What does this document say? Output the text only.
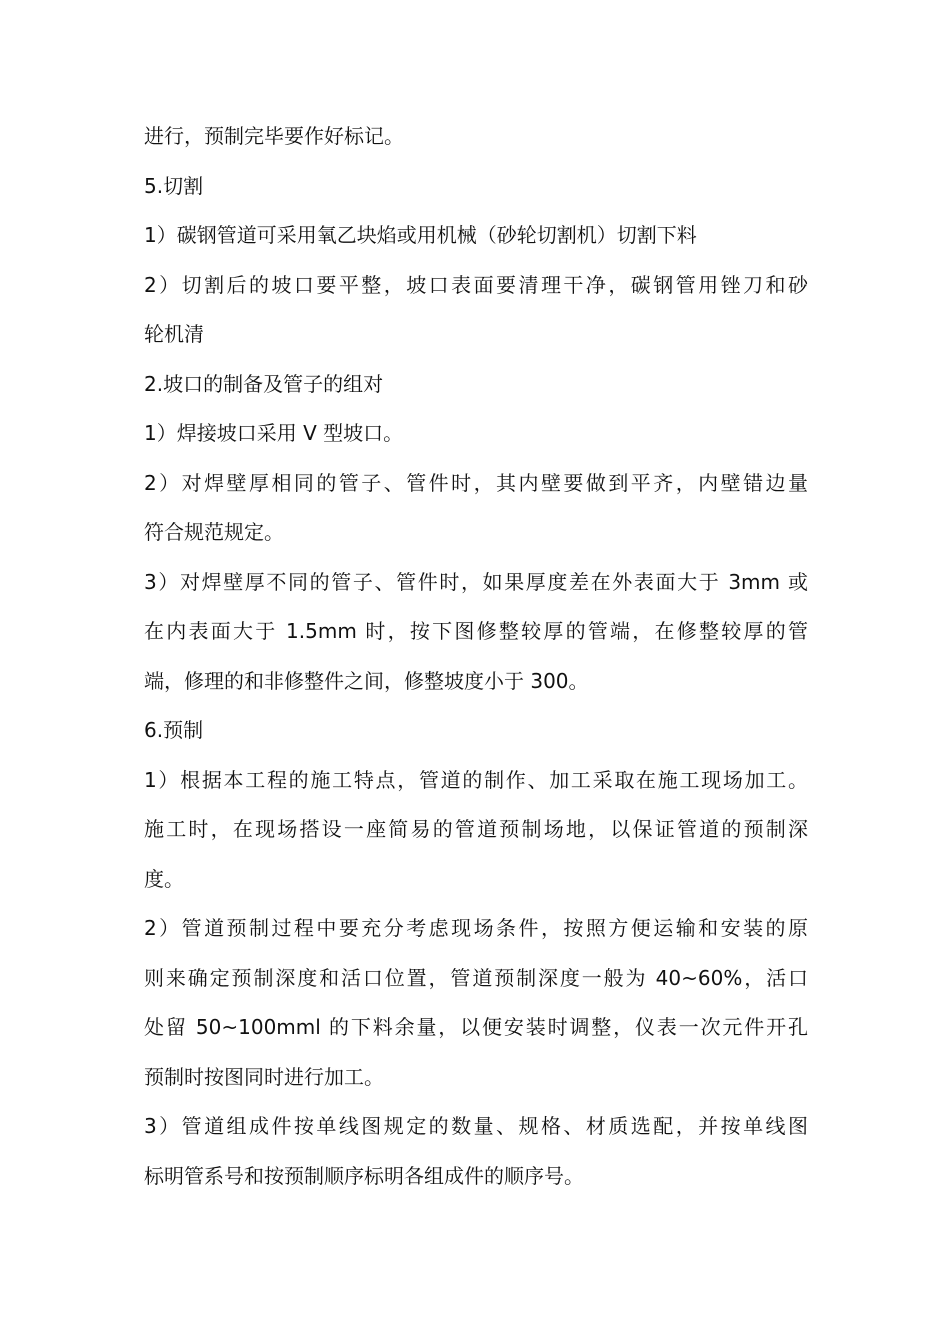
进行，预制完毕要作好标记。
5.切割
1）碳钢管道可采用氧乙块焰或用机械（砂轮切割机）切割下料
2）切割后的坡口要平整，坡口表面要清理干净，碳钢管用锉刀和砂
轮机清
2.坡口的制备及管子的组对
1）焊接坡口采用 V 型坡口。
2）对焊壁厚相同的管子、管件时，其内壁要做到平齐，内壁错边量
符合规范规定。
3）对焊壁厚不同的管子、管件时，如果厚度差在外表面大于 3mm 或
在内表面大于 1.5mm 时，按下图修整较厚的管端，在修整较厚的管
端，修理的和非修整件之间，修整坡度小于 300。
6.预制
1）根据本工程的施工特点，管道的制作、加工采取在施工现场加工。
施工时，在现场搭设一座简易的管道预制场地，以保证管道的预制深
度。
2）管道预制过程中要充分考虑现场条件，按照方便运输和安装的原
则来确定预制深度和活口位置，管道预制深度一般为 40~60%，活口
处留 50~100mml 的下料余量，以便安装时调整，仪表一次元件开孔
预制时按图同时进行加工。
3）管道组成件按单线图规定的数量、规格、材质选配，并按单线图
标明管系号和按预制顺序标明各组成件的顺序号。
